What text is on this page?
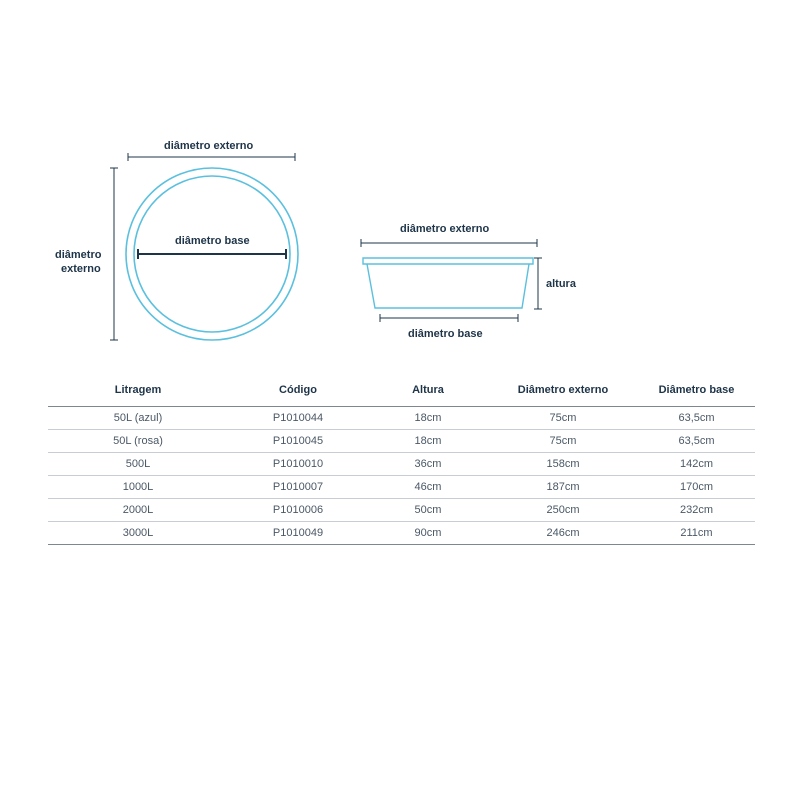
diâmetro externo
diâmetro
externo
diâmetro base
diâmetro externo
altura
diâmetro base
Litragem	Código	Altura	Diâmetro externo	Diâmetro base
50L (azul)	P1010044	18cm	75cm	63,5cm
50L (rosa)	P1010045	18cm	75cm	63,5cm
500L	P1010010	36cm	158cm	142cm
1000L	P1010007	46cm	187cm	170cm
2000L	P1010006	50cm	250cm	232cm
3000L	P1010049	90cm	246cm	211cm
